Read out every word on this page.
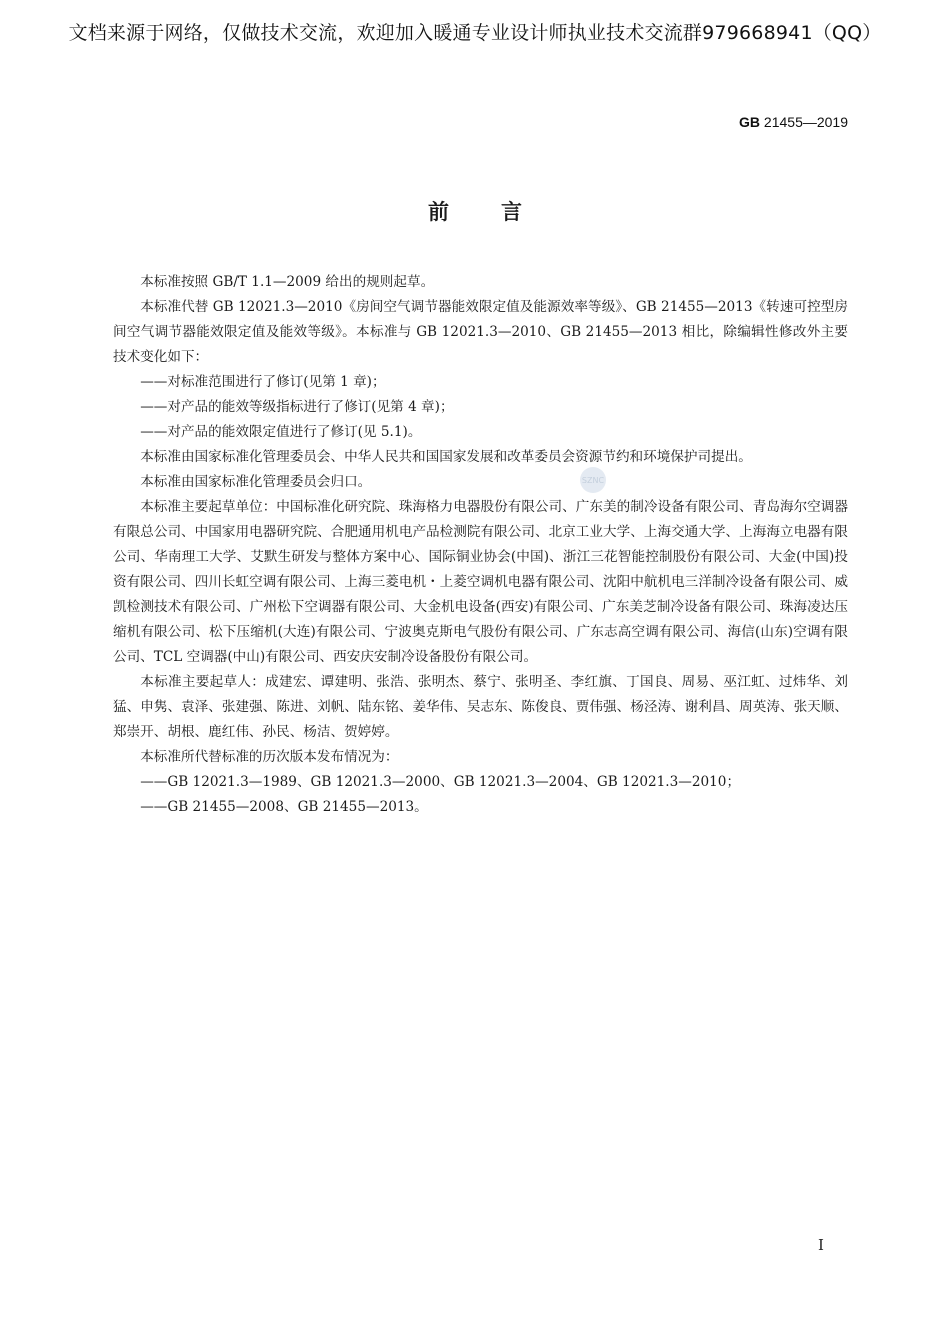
文档来源于网络，仅做技术交流，欢迎加入暖通专业设计师执业技术交流群979668941（QQ）
GB 21455—2019
前言

本标准按照 GB/T 1.1—2009 给出的规则起草。

本标准代替 GB 12021.3—2010《房间空气调节器能效限定值及能源效率等级》、GB 21455—2013《转速可控型房间空气调节器能效限定值及能效等级》。本标准与 GB 12021.3—2010、GB 21455—2013 相比，除编辑性修改外主要技术变化如下：

——对标准范围进行了修订(见第 1 章)；

——对产品的能效等级指标进行了修订(见第 4 章)；

——对产品的能效限定值进行了修订(见 5.1)。

本标准由国家标准化管理委员会、中华人民共和国国家发展和改革委员会资源节约和环境保护司提出。

本标准由国家标准化管理委员会归口。

本标准主要起草单位：中国标准化研究院、珠海格力电器股份有限公司、广东美的制冷设备有限公司、青岛海尔空调器有限总公司、中国家用电器研究院、合肥通用机电产品检测院有限公司、北京工业大学、上海交通大学、上海海立电器有限公司、华南理工大学、艾默生研发与整体方案中心、国际铜业协会(中国)、浙江三花智能控制股份有限公司、大金(中国)投资有限公司、四川长虹空调有限公司、上海三菱电机・上菱空调机电器有限公司、沈阳中航机电三洋制冷设备有限公司、威凯检测技术有限公司、广州松下空调器有限公司、大金机电设备(西安)有限公司、广东美芝制冷设备有限公司、珠海凌达压缩机有限公司、松下压缩机(大连)有限公司、宁波奥克斯电气股份有限公司、广东志高空调有限公司、海信(山东)空调有限公司、TCL 空调器(中山)有限公司、西安庆安制冷设备股份有限公司。

本标准主要起草人：成建宏、谭建明、张浩、张明杰、蔡宁、张明圣、李红旗、丁国良、周易、巫江虹、过炜华、刘猛、申隽、袁泽、张建强、陈进、刘帆、陆东铭、姜华伟、吴志东、陈俊良、贾伟强、杨泾涛、谢利昌、周英涛、张天顺、郑崇开、胡根、鹿红伟、孙民、杨洁、贺婷婷。

本标准所代替标准的历次版本发布情况为：

——GB 12021.3—1989、GB 12021.3—2000、GB 12021.3—2004、GB 12021.3—2010；

——GB 21455—2008、GB 21455—2013。

SZNC
I
